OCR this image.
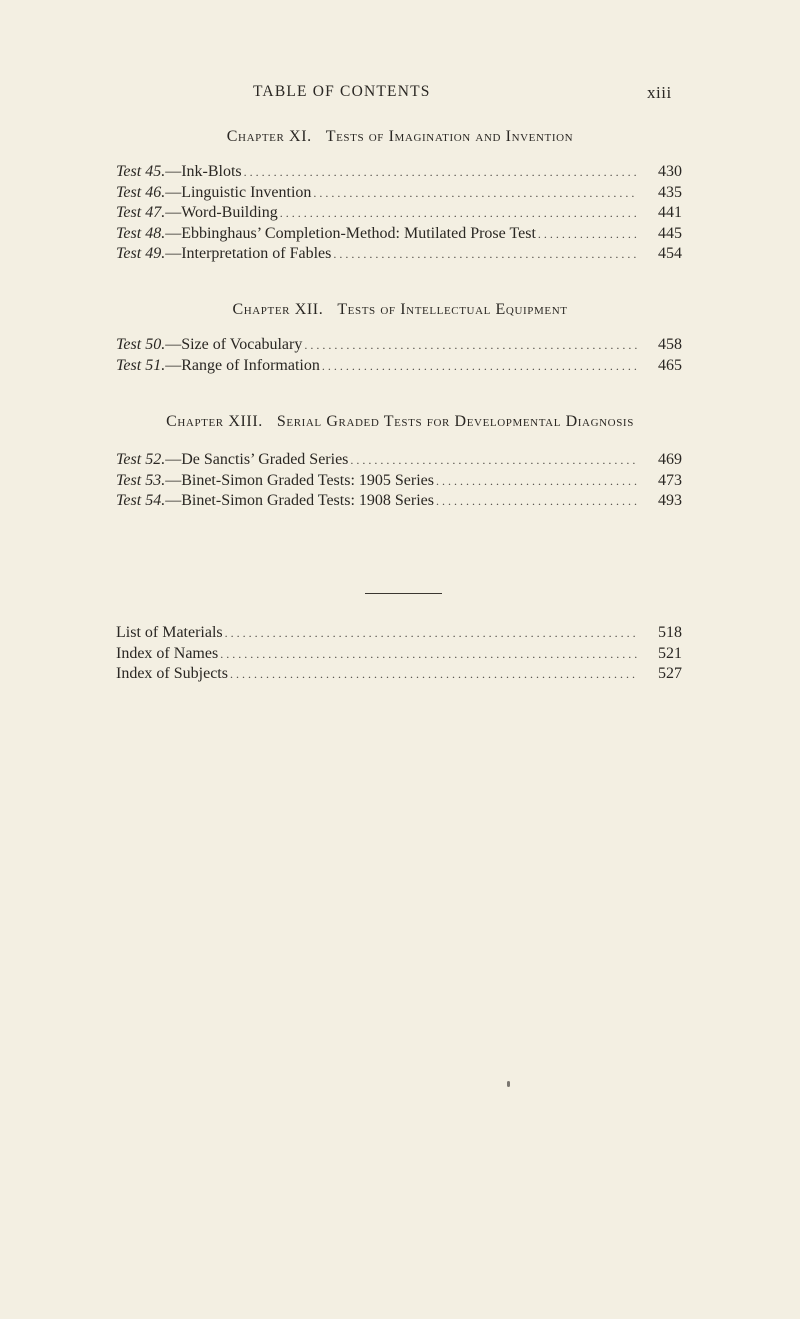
TABLE OF CONTENTS	xiii
Chapter XI. Tests of Imagination and Invention
Test 45. —Ink-Blots . . .	430
Test 46. —Linguistic Invention . . .	435
Test 47. —Word-Building . . .	441
Test 48. —Ebbinghaus’ Completion-Method: Mutilated Prose Test . . .	445
Test 49. —Interpretation of Fables . . .	454
Chapter XII. Tests of Intellectual Equipment
Test 50. —Size of Vocabulary . . .	458
Test 51. —Range of Information . . .	465
Chapter XIII. Serial Graded Tests for Developmental Diagnosis
Test 52. —De Sanctis’ Graded Series . . .	469
Test 53. —Binet-Simon Graded Tests: 1905 Series . . .	473
Test 54. —Binet-Simon Graded Tests: 1908 Series . . .	493
List of Materials . . .	518
Index of Names . . .	521
Index of Subjects . . .	527
